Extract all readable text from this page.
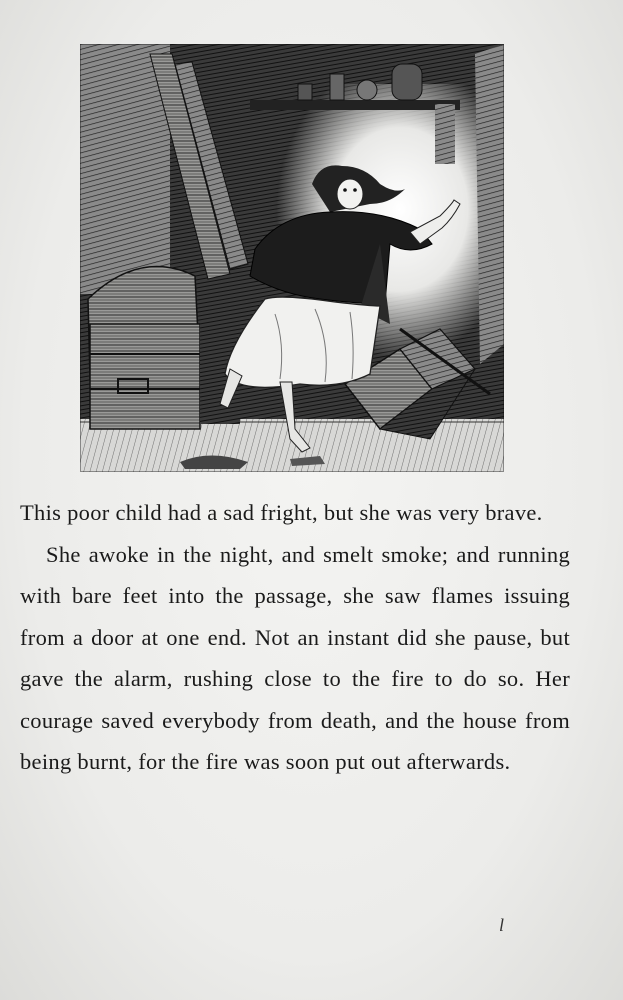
This poor child had a sad fright, but she was very brave.

She awoke in the night, and smelt smoke; and running with bare feet into the passage, she saw flames issuing from a door at one end. Not an instant did she pause, but gave the alarm, rushing close to the fire to do so. Her courage saved everybody from death, and the house from being burnt, for the fire was soon put out afterwards.

l
